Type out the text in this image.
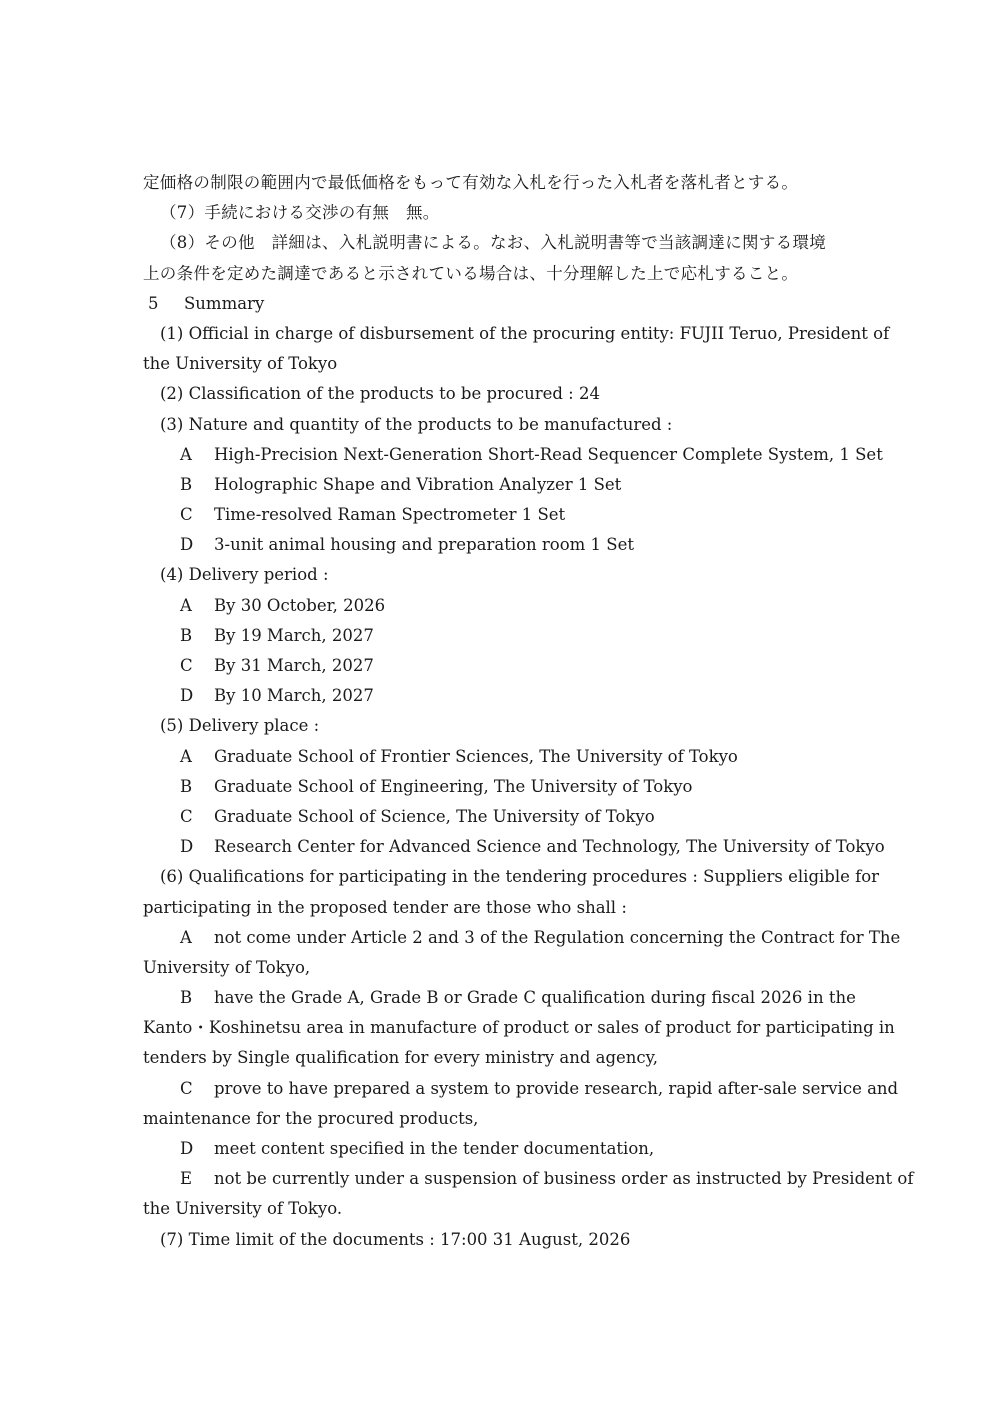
定価格の制限の範囲内で最低価格をもって有効な入札を行った入札者を落札者とする。
（7）手続における交渉の有無　無。
（8）その他　詳細は、入札説明書による。なお、入札説明書等で当該調達に関する環境
上の条件を定めた調達であると示されている場合は、十分理解した上で応札すること。
5 Summary
(1) Official in charge of disbursement of the procuring entity: FUJII Teruo, President of
the University of Tokyo
(2) Classification of the products to be procured : 24
(3) Nature and quantity of the products to be manufactured :
A High-Precision Next-Generation Short-Read Sequencer Complete System, 1 Set
B Holographic Shape and Vibration Analyzer 1 Set
C Time-resolved Raman Spectrometer 1 Set
D 3-unit animal housing and preparation room 1 Set
(4) Delivery period :
A By 30 October, 2026
B By 19 March, 2027
C By 31 March, 2027
D By 10 March, 2027
(5) Delivery place :
A Graduate School of Frontier Sciences, The University of Tokyo
B Graduate School of Engineering, The University of Tokyo
C Graduate School of Science, The University of Tokyo
D Research Center for Advanced Science and Technology, The University of Tokyo
(6) Qualifications for participating in the tendering procedures : Suppliers eligible for
participating in the proposed tender are those who shall :
A not come under Article 2 and 3 of the Regulation concerning the Contract for The
University of Tokyo,
B have the Grade A, Grade B or Grade C qualification during fiscal 2026 in the
Kanto・Koshinetsu area in manufacture of product or sales of product for participating in
tenders by Single qualification for every ministry and agency,
C prove to have prepared a system to provide research, rapid after-sale service and
maintenance for the procured products,
D meet content specified in the tender documentation,
E not be currently under a suspension of business order as instructed by President of
the University of Tokyo.
(7) Time limit of the documents : 17:00 31 August, 2026
